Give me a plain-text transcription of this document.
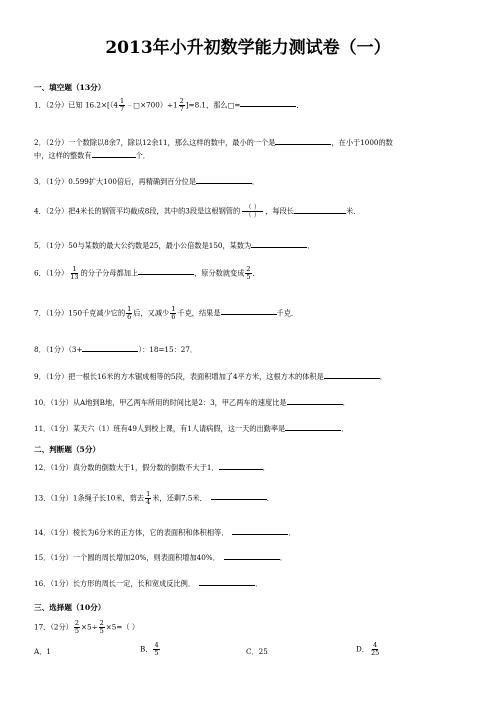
2013年小升初数学能力测试卷（一）
一、填空题（13分）
1．（2分）已知 $16.2\times[(4 \frac{1}{7}$ ﹣□×700）÷1 $\frac{2}{7} ]=8.1$，那么□=	．
2．（2分）一个数除以8余7，除以12余11，那么这样的数中，最小的一个是	，在小于1000的数
中，这样的整数有	个．
3．（1分）0.599扩大100倍后，再精确到百分位是	．
4．（2分）把4米长的钢管平均截成8段，其中的3段是这根钢管的 （ ）
（ ） ，每段长	米．
5．（1分）50与某数的最大公约数是25，最小公倍数是150，某数为	．
6．（1分） $\frac{1}{13}$ 的分子分母都加上	，原分数就变成 $\frac{2}{5}$ ．
7．（1分）150千克减少它的 $\frac{1}{6}$ 后，又减少 $\frac{1}{6}$ 千克，结果是	千克．
8．（1分）（3+	）：18=15：27．
9．（1分）把一根长16米的方木锯成相等的5段，表面积增加了4平方米，这根方木的体积是	．
10．（1分）从A地到B地，甲乙两车所用的时间比是2：3，甲乙两车的速度比是	．
11．（1分）某天六（1）班有49人到校上课，有1人请病假，这一天的出勤率是	．
二、判断题（5分）
12．（1分）真分数的倒数大于1，假分数的倒数不大于1．	．
13．（1分）1条绳子长10米，剪去 $\frac{1}{4}$ 米，还剩7.5米．	．
14．（1分）棱长为6分米的正方体，它的表面积和体积相等．	．
15．（1分）一个圆的周长增加20%，则表面积增加40%．	．
16．（1分）长方形的周长一定，长和宽成反比例．	．
三、选择题（10分）
17．（2分） $\frac{2}{5} \times 5\div \frac{2}{5} \times 5=$（ ）
A．1	B． $\frac{4}{5}$	C．25	D． $\frac{4}{25}$
